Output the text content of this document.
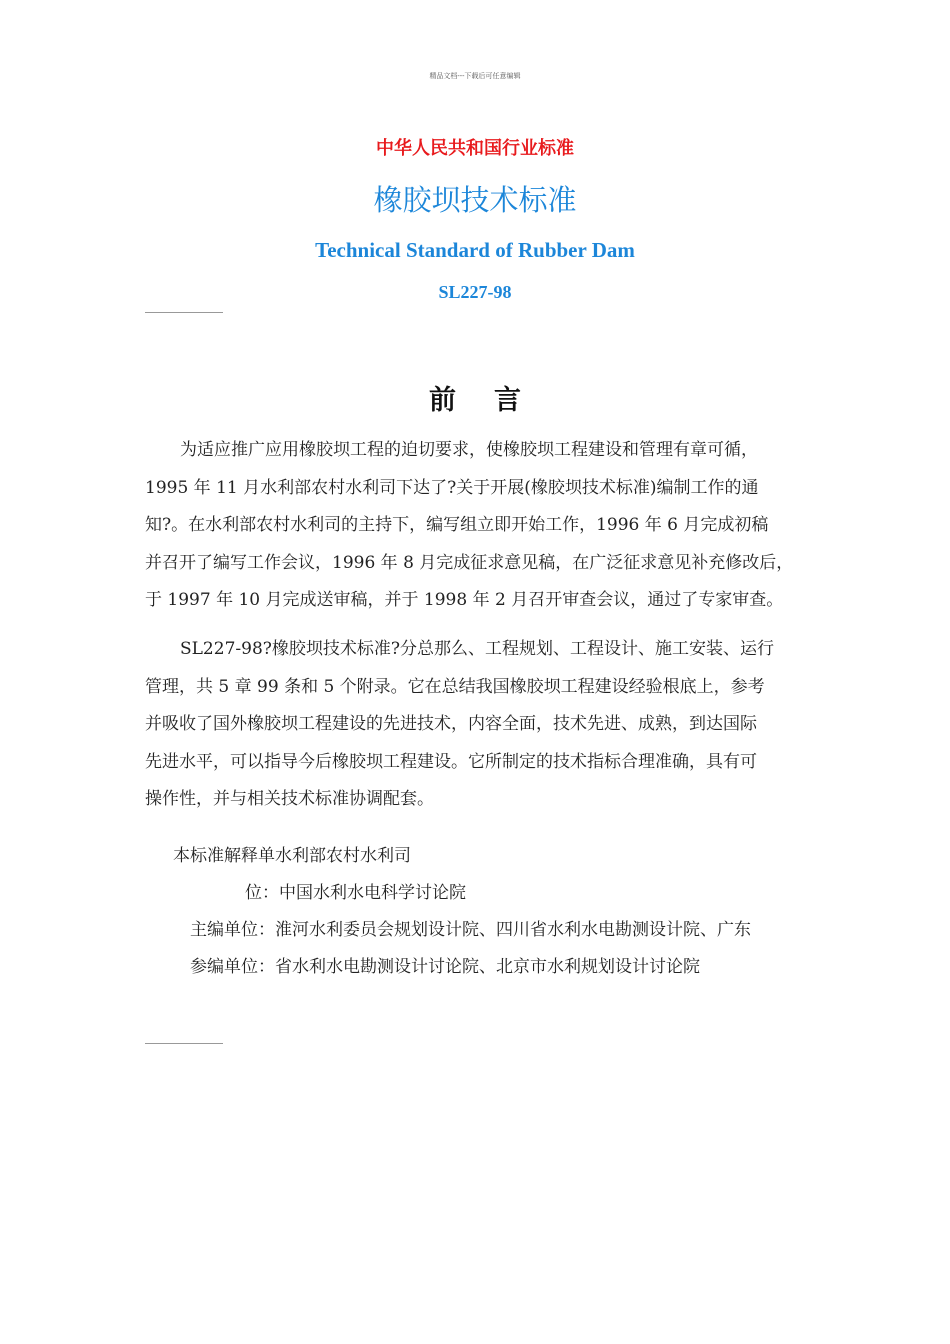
精品文档---下载后可任意编辑
中华人民共和国行业标准
橡胶坝技术标准
Technical Standard of Rubber Dam
SL227-98
前言
为适应推广应用橡胶坝工程的迫切要求，使橡胶坝工程建设和管理有章可循，
1995 年 11 月水利部农村水利司下达了?关于开展(橡胶坝技术标准)编制工作的通
知?。在水利部农村水利司的主持下，编写组立即开始工作，1996 年 6 月完成初稿
并召开了编写工作会议，1996 年 8 月完成征求意见稿，在广泛征求意见补充修改后，
于 1997 年 10 月完成送审稿，并于 1998 年 2 月召开审查会议，通过了专家审查。
SL227-98?橡胶坝技术标准?分总那么、工程规划、工程设计、施工安装、运行
管理，共 5 章 99 条和 5 个附录。它在总结我国橡胶坝工程建设经验根底上，参考
并吸收了国外橡胶坝工程建设的先进技术，内容全面，技术先进、成熟，到达国际
先进水平，可以指导今后橡胶坝工程建设。它所制定的技术指标合理准确，具有可
操作性，并与相关技术标准协调配套。
本标准解释单水利部农村水利司
位：中国水利水电科学讨论院
主编单位：淮河水利委员会规划设计院、四川省水利水电勘测设计院、广东
参编单位：省水利水电勘测设计讨论院、北京市水利规划设计讨论院
